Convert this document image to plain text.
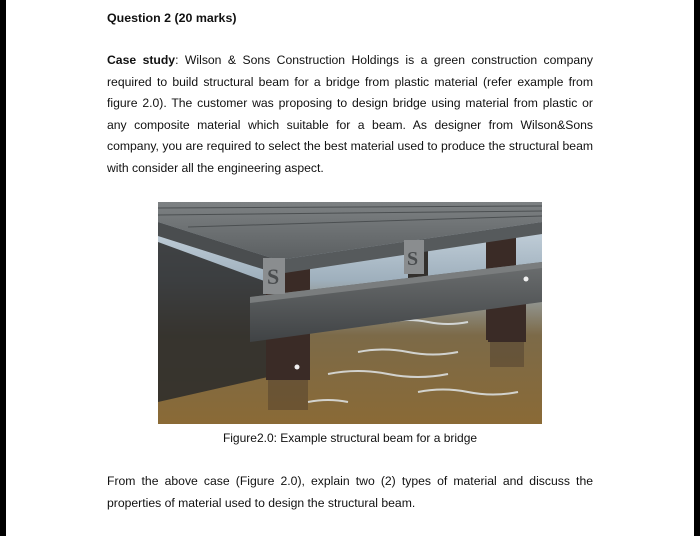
Question 2 (20 marks)

Case study: Wilson & Sons Construction Holdings is a green construction company required to build structural beam for a bridge from plastic material (refer example from figure 2.0). The customer was proposing to design bridge using material from plastic or any composite material which suitable for a beam. As designer from Wilson&Sons company, you are required to select the best material used to produce the structural beam with consider all the engineering aspect.

S
S

Figure2.0: Example structural beam for a bridge

From the above case (Figure 2.0), explain two (2) types of material and discuss the properties of material used to design the structural beam.
